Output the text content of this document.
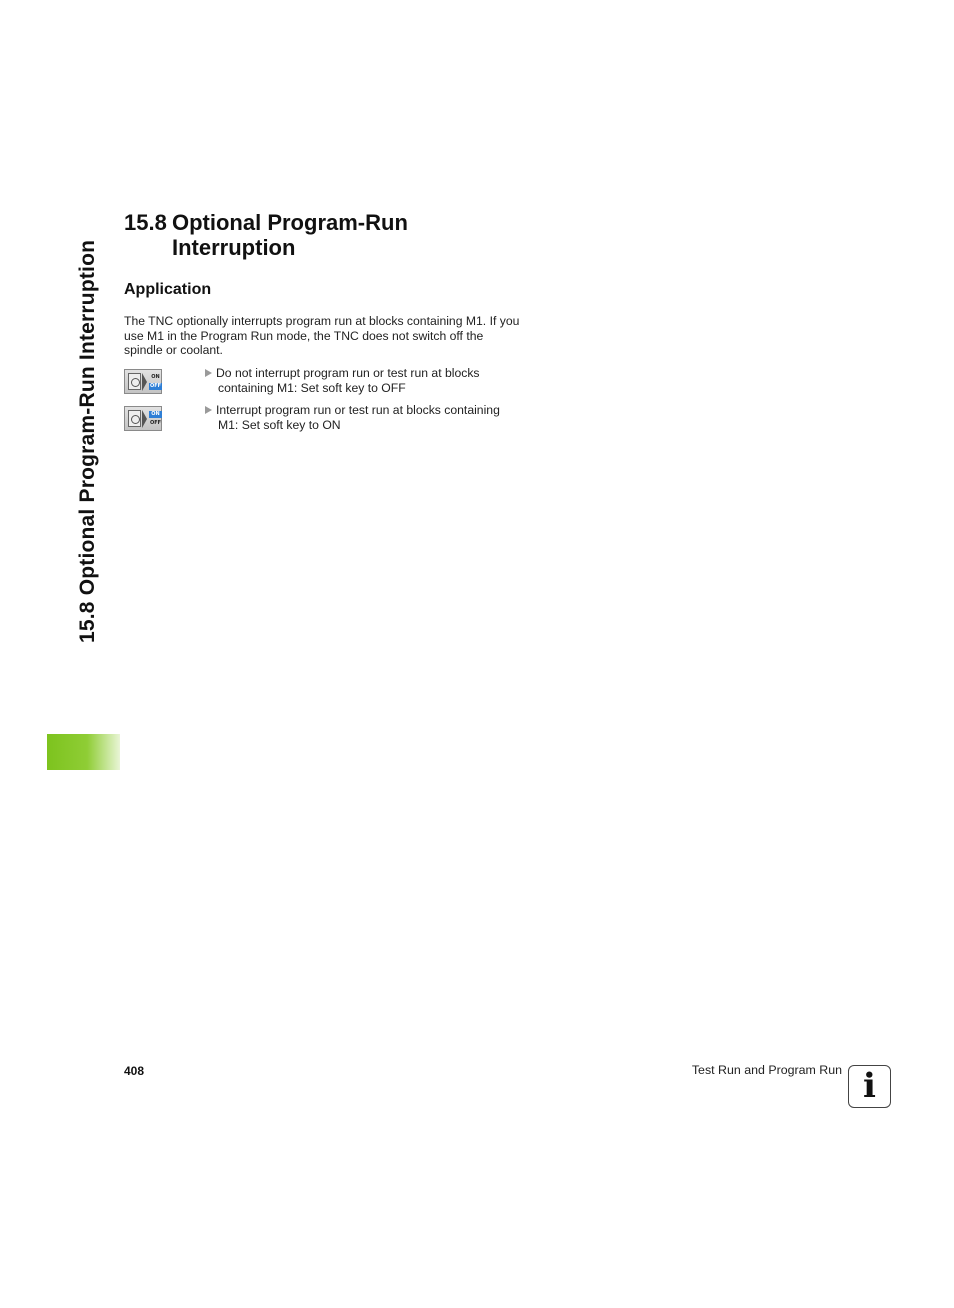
15.8 Optional Program-Run Interruption
15.8 Optional Program-Run Interruption
Application
The TNC optionally interrupts program run at blocks containing M1. If you use M1 in the Program Run mode, the TNC does not switch off the spindle or coolant.
ON
OFF
Do not interrupt program run or test run at blocks
containing M1: Set soft key to OFF
ON
OFF
Interrupt program run or test run at blocks containing
M1: Set soft key to ON
408	Test Run and Program Run i
